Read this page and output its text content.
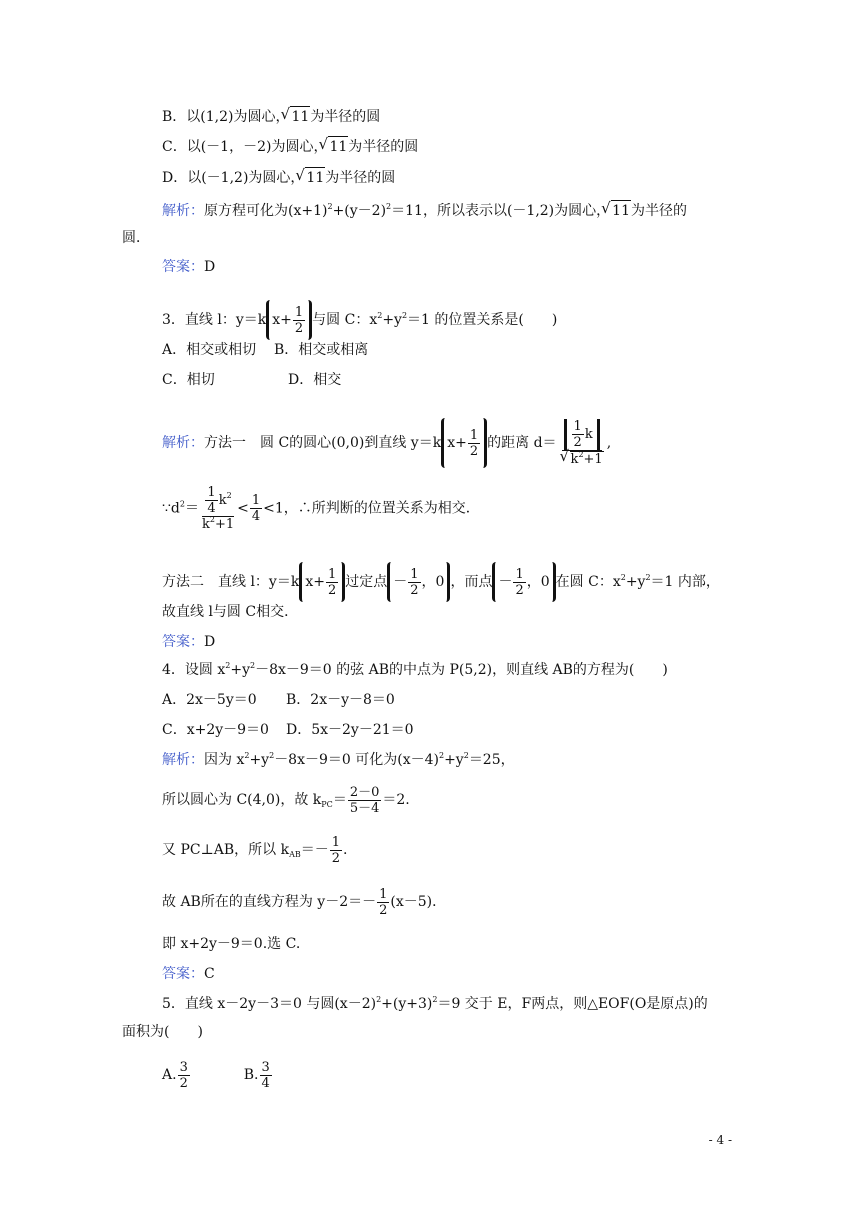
B．以(1,2)为圆心， √ 11为半径的圆
C．以(－1，－2)为圆心， √ 11为半径的圆
D．以(－1,2)为圆心， √ 11为半径的圆
解析：原方程可化为$(x+1)^2+(y-2)^2=11$，所以表示以(－1,2)为圆心， √ 11为半径的
圆．
答案：D
3．直线 l：y＝k $x+ \frac{1}{2}$ 与圆 C：$x^2+y^2=1$ 的位置关系是(　　)
A．相交或相切 B．相交或相离
C．相切	D．相交
解析：方法一　圆 C的圆心(0,0)到直线 y＝k $x+ \frac{1}{2}$ 的距离 $d= \frac{1}{2}$ k
√ $k^2+1$ ,
$\because d^2= \frac{\frac{1}{4} k^2}{k^2+1} < \frac{1}{4} <1$，∴所判断的位置关系为相交．
方法二　直线 l：y＝k $x+ \frac{1}{2}$ 过定点 － $\frac{1}{2}$ ，0 ，而点 － $\frac{1}{2}$ ，0 在圆 C：$x^2+y^2=1$ 内部，
故直线 l与圆 C相交．
答案：D
4．设圆 $x^2+y^2-8x-9=0$ 的弦 AB的中点为 P(5,2)，则直线 AB的方程为(　　)
A．2x－5y＝0 B．2x－y－8＝0
C．x+2y－9＝0 D．5x－2y－21＝0
解析：因为 $x^2+y^2-8x-9=0$ 可化为$(x-4)^2+y^2=25$，
所以圆心为 C(4,0)，故 $k_{PC}= \frac{2-0}{5-4} =2$.
又 PC⊥AB，所以 $k_{AB}=- \frac{1}{2}$ .
故 AB所在的直线方程为 $y-2=- \frac{1}{2} (x-5)$．
即 x+2y－9＝0.选 C.
答案：C
5．直线 x－2y－3＝0 与圆$(x-2)^2+(y+3)^2=9$ 交于 E，F两点，则△EOF(O是原点)的
面积为(　　)
A. $\frac{3}{2}$	B. $\frac{3}{4}$
- 4 -
